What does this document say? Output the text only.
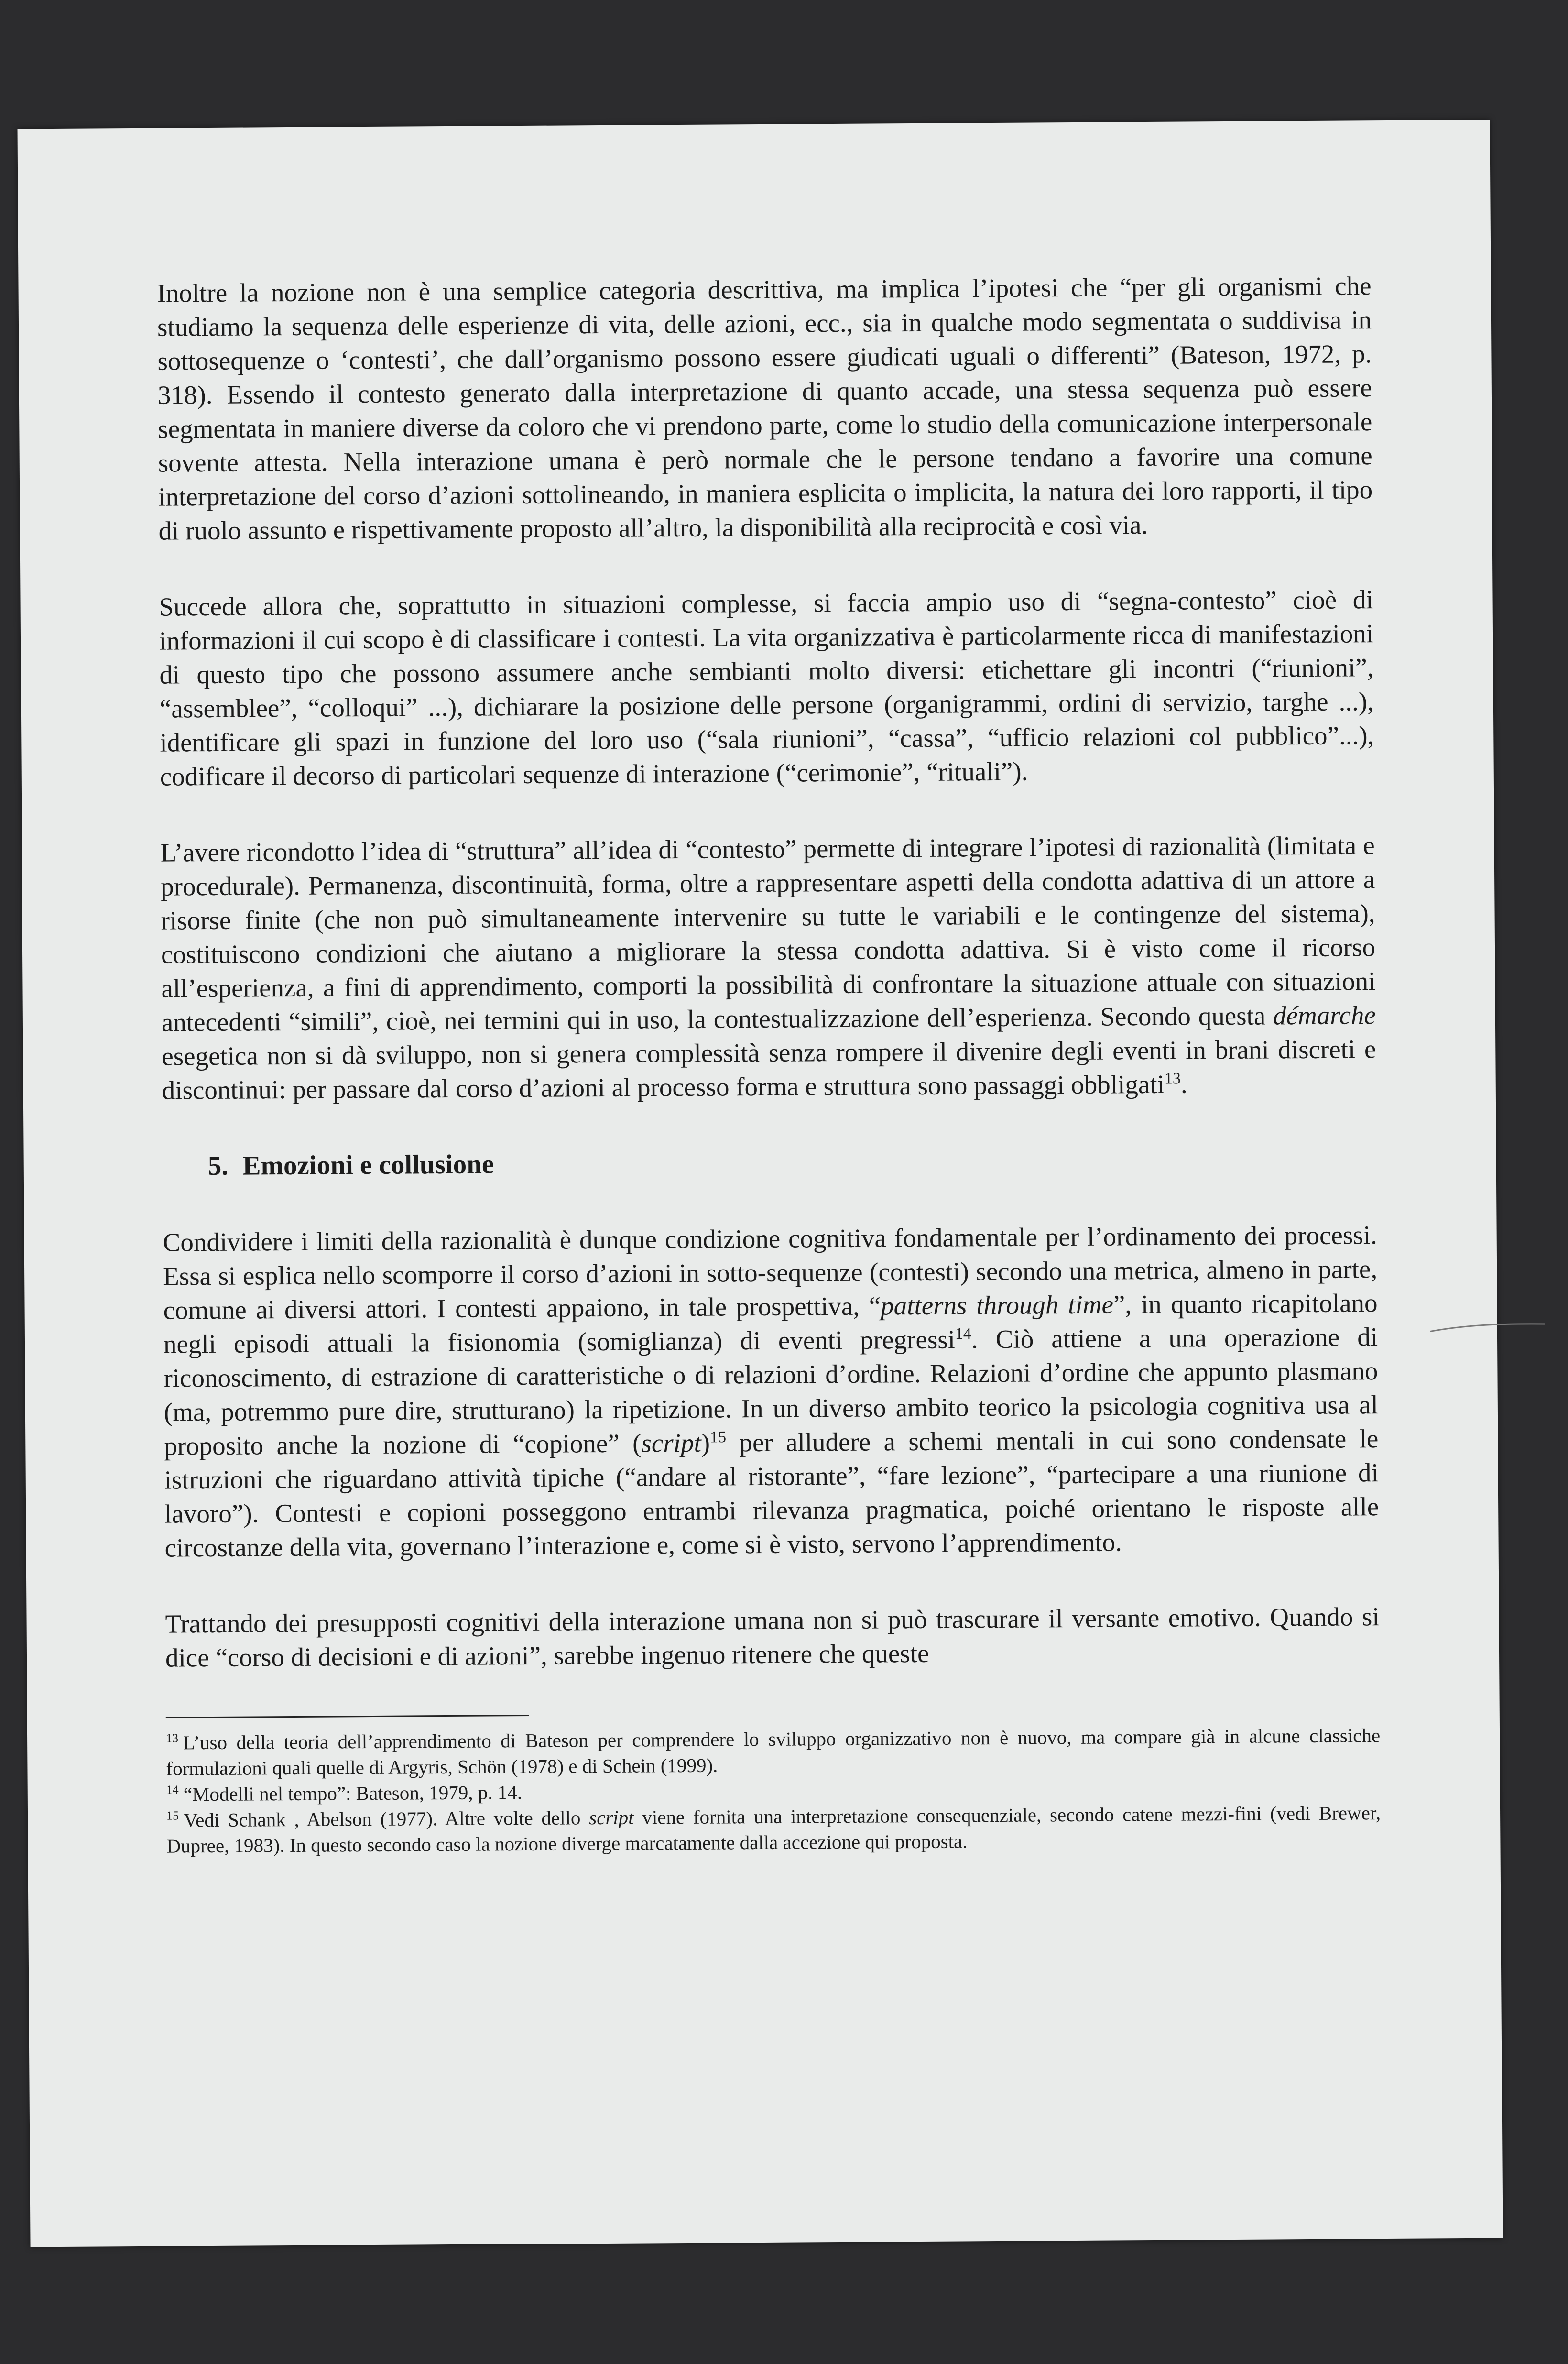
Inoltre la nozione non è una semplice categoria descrittiva, ma implica l’ipotesi che “per gli organismi che studiamo la sequenza delle esperienze di vita, delle azioni, ecc., sia in qualche modo segmentata o suddivisa in sottosequenze o ‘contesti’, che dall’organismo possono essere giudicati uguali o differenti” (Bateson, 1972, p. 318). Essendo il contesto generato dalla interpretazione di quanto accade, una stessa sequenza può essere segmentata in maniere diverse da coloro che vi prendono parte, come lo studio della comunicazione interpersonale sovente attesta. Nella interazione umana è però normale che le persone tendano a favorire una comune interpretazione del corso d’azioni sottolineando, in maniera esplicita o implicita, la natura dei loro rapporti, il tipo di ruolo assunto e rispettivamente proposto all’altro, la disponibilità alla reciprocità e così via.

Succede allora che, soprattutto in situazioni complesse, si faccia ampio uso di “segna-contesto” cioè di informazioni il cui scopo è di classificare i contesti. La vita organizzativa è particolarmente ricca di manifestazioni di questo tipo che possono assumere anche sembianti molto diversi: etichettare gli incontri (“riunioni”, “assemblee”, “colloqui” ...), dichiarare la posizione delle persone (organigrammi, ordini di servizio, targhe ...), identificare gli spazi in funzione del loro uso (“sala riunioni”, “cassa”, “ufficio relazioni col pubblico”...), codificare il decorso di particolari sequenze di interazione (“cerimonie”, “rituali”).

L’avere ricondotto l’idea di “struttura” all’idea di “contesto” permette di integrare l’ipotesi di razionalità (limitata e procedurale). Permanenza, discontinuità, forma, oltre a rappresentare aspetti della condotta adattiva di un attore a risorse finite (che non può simultaneamente intervenire su tutte le variabili e le contingenze del sistema), costituiscono condizioni che aiutano a migliorare la stessa condotta adattiva. Si è visto come il ricorso all’esperienza, a fini di apprendimento, comporti la possibilità di confrontare la situazione attuale con situazioni antecedenti “simili”, cioè, nei termini qui in uso, la contestualizzazione dell’esperienza. Secondo questa démarche esegetica non si dà sviluppo, non si genera complessità senza rompere il divenire degli eventi in brani discreti e discontinui: per passare dal corso d’azioni al processo forma e struttura sono passaggi obbligati$^{13}$.

5. Emozioni e collusione

Condividere i limiti della razionalità è dunque condizione cognitiva fondamentale per l’ordinamento dei processi. Essa si esplica nello scomporre il corso d’azioni in sotto-sequenze (contesti) secondo una metrica, almeno in parte, comune ai diversi attori. I contesti appaiono, in tale prospettiva, “patterns through time”, in quanto ricapitolano negli episodi attuali la fisionomia (somiglianza) di eventi pregressi$^{14}$. Ciò attiene a una operazione di riconoscimento, di estrazione di caratteristiche o di relazioni d’ordine. Relazioni d’ordine che appunto plasmano (ma, potremmo pure dire, strutturano) la ripetizione. In un diverso ambito teorico la psicologia cognitiva usa al proposito anche la nozione di “copione” (script)$^{15}$ per alludere a schemi mentali in cui sono condensate le istruzioni che riguardano attività tipiche (“andare al ristorante”, “fare lezione”, “partecipare a una riunione di lavoro”). Contesti e copioni posseggono entrambi rilevanza pragmatica, poiché orientano le risposte alle circostanze della vita, governano l’interazione e, come si è visto, servono l’apprendimento.

Trattando dei presupposti cognitivi della interazione umana non si può trascurare il versante emotivo. Quando si dice “corso di decisioni e di azioni”, sarebbe ingenuo ritenere che queste

$^{13}$ L’uso della teoria dell’apprendimento di Bateson per comprendere lo sviluppo organizzativo non è nuovo, ma compare già in alcune classiche formulazioni quali quelle di Argyris, Schön (1978) e di Schein (1999).

$^{14}$ “Modelli nel tempo”: Bateson, 1979, p. 14.

$^{15}$ Vedi Schank , Abelson (1977). Altre volte dello script viene fornita una interpretazione consequenziale, secondo catene mezzi-fini (vedi Brewer, Dupree, 1983). In questo secondo caso la nozione diverge marcatamente dalla accezione qui proposta.
